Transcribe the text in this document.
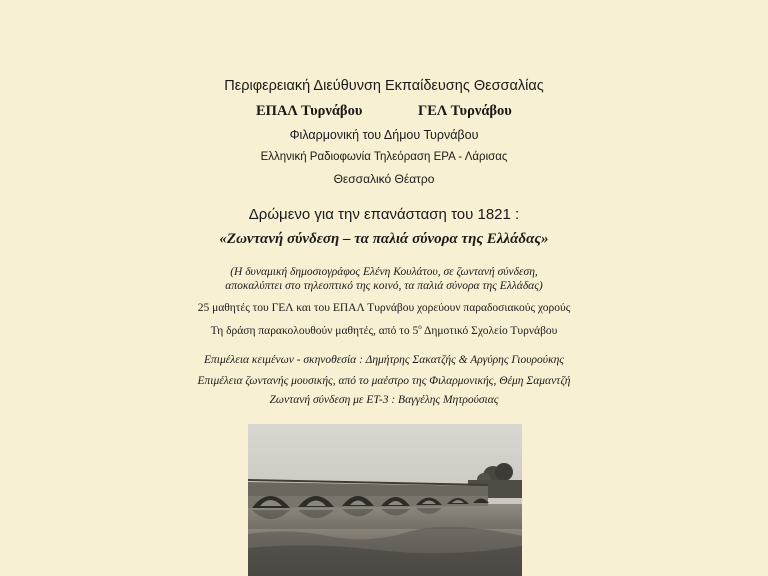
Περιφερειακή Διεύθυνση Εκπαίδευσης Θεσσαλίας
ΕΠΑΛ Τυρνάβου	ΓΕΛ Τυρνάβου
Φιλαρμονική του Δήμου Τυρνάβου
Ελληνική Ραδιοφωνία Τηλεόραση ΕΡΑ - Λάρισας
Θεσσαλικό Θέατρο
Δρώμενο για την επανάσταση του 1821 :
«Ζωντανή σύνδεση – τα παλιά σύνορα της Ελλάδας»
(Η δυναμική δημοσιογράφος Ελένη Κουλάτου, σε ζωντανή σύνδεση,
αποκαλύπτει στο τηλεοπτικό της κοινό, τα παλιά σύνορα της Ελλάδας)
25 μαθητές του ΓΕΛ και του ΕΠΑΛ Τυρνάβου χορεύουν παραδοσιακούς χορούς
Τη δράση παρακολουθούν μαθητές, από το $5^o$ Δημοτικό Σχολείο Τυρνάβου
Επιμέλεια κειμένων - σκηνοθεσία : Δημήτρης Σακατζής & Αργύρης Γιουρούκης
Επιμέλεια ζωντανής μουσικής, από το μαέστρο της Φιλαρμονικής, Θέμη Σαμαντζή
Ζωντανή σύνδεση με ΕΤ-3 : Βαγγέλης Μητρούσιας
